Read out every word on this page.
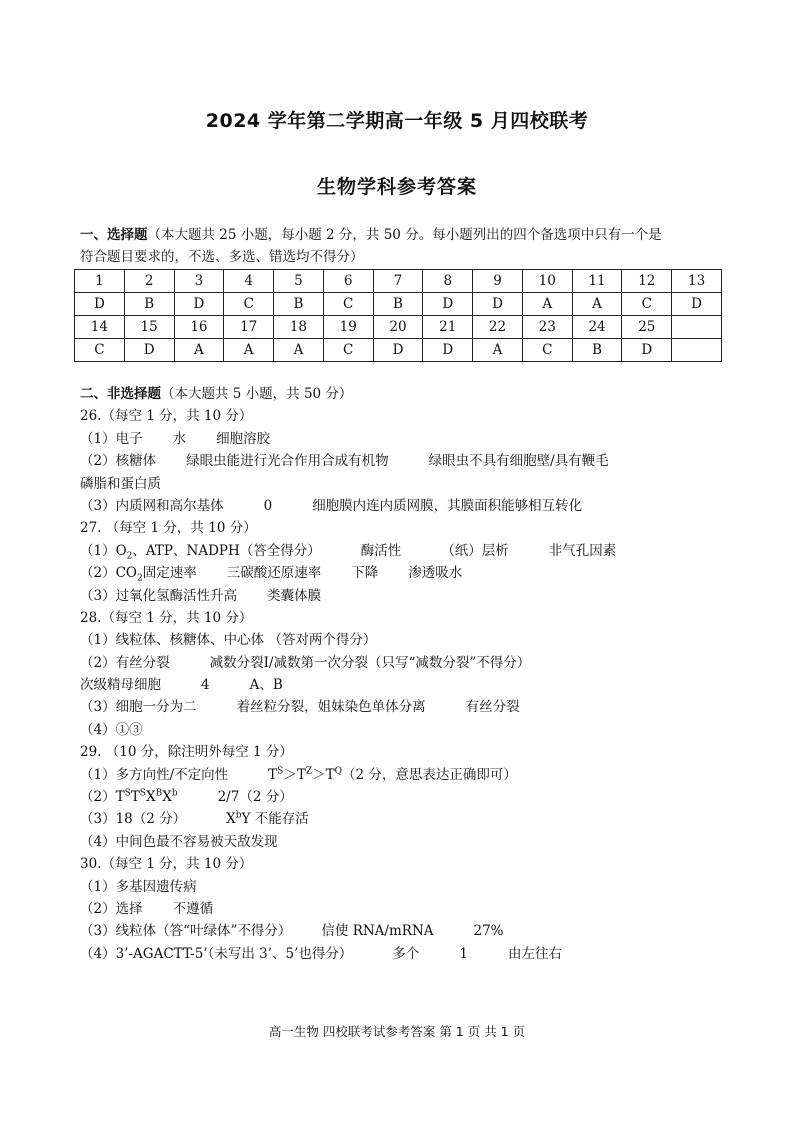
2024 学年第二学期高一年级 5 月四校联考
生物学科参考答案
一、选择题（本大题共 25 小题，每小题 2 分，共 50 分。每小题列出的四个备选项中只有一个是
符合题目要求的，不选、多选、错选均不得分）
1	2	3	4	5	6	7	8	9	10	11	12	13
D	B	D	C	B	C	B	D	D	A	A	C	D
14	15	16	17	18	19	20	21	22	23	24	25	
C	D	A	A	A	C	D	D	A	C	B	D	
二、非选择题（本大题共 5 小题，共 50 分）
26.（每空 1 分，共 10 分）
（1）电子 水 细胞溶胶
（2）核糖体 绿眼虫能进行光合作用合成有机物	绿眼虫不具有细胞壁/具有鞭毛
磷脂和蛋白质
（3）内质网和高尔基体	0	细胞膜内连内质网膜，其膜面积能够相互转化
27. （每空 1 分，共 10 分）
$(1)O_2$、ATP、NADPH（答全得分）	酶活性	（纸）层析	非气孔因素
$(2)CO_2$固定速率 三碳酸还原速率 下降 渗透吸水
（3）过氧化氢酶活性升高 类囊体膜
28.（每空 1 分，共 10 分）
（1）线粒体、核糖体、中心体 （答对两个得分）
（2）有丝分裂	减数分裂Ⅰ/减数第一次分裂（只写“减数分裂”不得分）
次级精母细胞	4	A、B
（3）细胞一分为二	着丝粒分裂，姐妹染色单体分离	有丝分裂
（4）①③
29. （10 分，除注明外每空 1 分）
（1）多方向性/不定向性	$T^S>T^Z>T^Q(2$ 分，意思表达正确即可）
$(2)T^ST^SX^BX^b$	2/7（2 分）
（3）18（2 分）	$X^bY$ 不能存活
（4）中间色最不容易被天敌发现
30.（每空 1 分，共 10 分）
（1）多基因遗传病
（2）选择 不遵循
（3）线粒体（答“叶绿体”不得分） 信使 RNA/mRNA	27%
（4）3’-AGACTT-5’（未写出 3’、5’也得分）	多个	1	由左往右
高一生物 四校联考试参考答案 第 1 页 共 1 页
